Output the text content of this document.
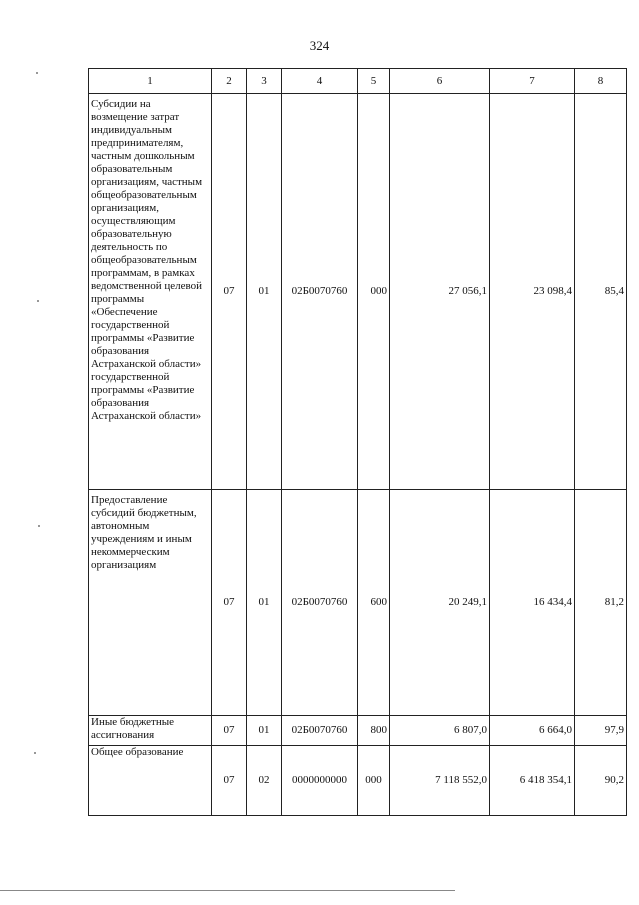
324
1	2	3	4	5	6	7	8

Субсидии на возмещение затрат индивидуальным предпринимателям, частным дошкольным образовательным организациям, частным общеобразовательным организациям, осуществляющим образовательную деятельность по общеобразовательным программам, в рамках ведомственной целевой программы «Обеспечение государственной программы «Развитие образования Астраханской области» государственной программы «Развитие образования Астраханской области»	07	01	02Б0070760	000	27 056,1	23 098,4	85,4

Предоставление субсидий бюджетным, автономным учреждениям и иным некоммерческим организациям	07	01	02Б0070760	600	20 249,1	16 434,4	81,2

Иные бюджетные ассигнования	07	01	02Б0070760	800	6 807,0	6 664,0	97,9

Общее образование	07	02	0000000000	000	7 118 552,0	6 418 354,1	90,2
